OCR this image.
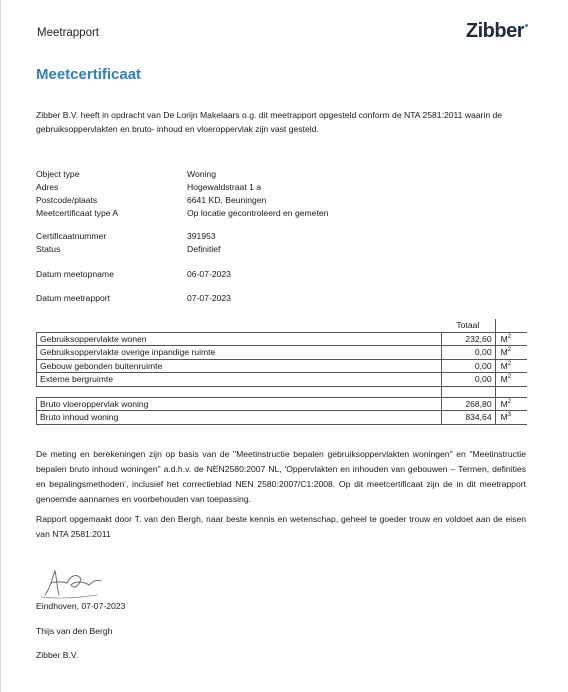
Meetrapport	Zibber
Meetcertificaat
Zibber B.V. heeft in opdracht van De Lorijn Makelaars o.g. dit meetrapport opgesteld conform de NTA 2581:2011 waarin de gebruiksoppervlakten en bruto- inhoud en vloeroppervlak zijn vast gesteld.
Object type	Woning
Adres	Hogewaldstraat 1 a
Postcode/plaats	6641 KD, Beuningen
Meetcertificaat type A	Op locatie gecontroleerd en gemeten
Certificaatnummer	391953
Status	Definitief
Datum meetopname	06-07-2023
Datum meetrapport	07-07-2023
	Totaal	
Gebruiksoppervlakte wonen	232,60	$M^2$
Gebruiksoppervlakte overige inpandige ruimte	0,00	$M^2$
Gebouw gebonden buitenruimte	0,00	$M^2$
Externe bergruimte	0,00	$M^2$

Bruto vloeroppervlak woning	268,80	$M^2$
Bruto inhoud woning	834,64	$M^3$
De meting en berekeningen zijn op basis van de "Meetinstructie bepalen gebruiksoppervlakten woningen" en "Meetinstructie bepalen bruto inhoud woningen" a.d.h.v. de NEN2580:2007 NL, 'Oppervlakten en inhouden van gebouwen – Termen, definities en bepalingsmethoden', inclusief het correctieblad NEN 2580:2007/C1:2008. Op dit meetcertificaat zijn de in dit meetrapport genoemde aannames en voorbehouden van toepassing.
Rapport opgemaakt door T. van den Bergh, naar beste kennis en wetenschap, geheel te goeder trouw en voldoet aan de eisen van NTA 2581:2011
Eindhoven, 07-07-2023
Thijs van den Bergh
Zibber B.V.
